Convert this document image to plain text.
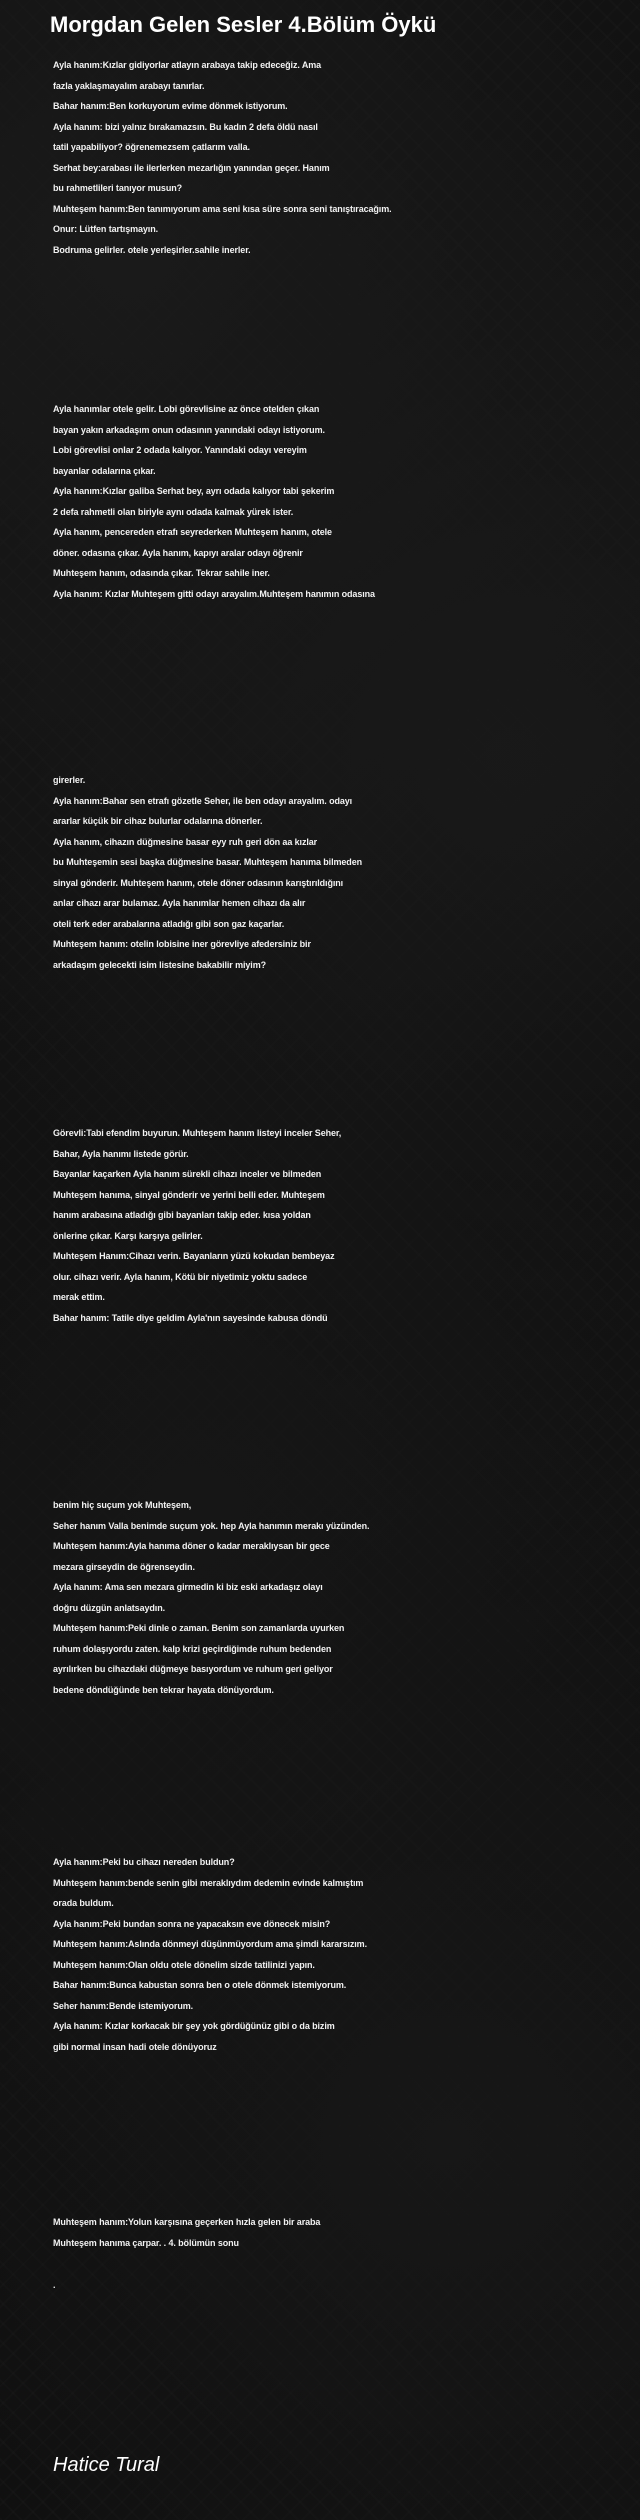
Morgdan Gelen Sesler 4.Bölüm Öykü
Ayla hanım:Kızlar gidiyorlar atlayın arabaya takip edeceğiz. Ama
fazla yaklaşmayalım arabayı tanırlar.
Bahar hanım:Ben korkuyorum evime dönmek istiyorum.
Ayla hanım: bizi yalnız bırakamazsın. Bu kadın 2 defa öldü nasıl
tatil yapabiliyor? öğrenemezsem çatlarım valla.
Serhat bey:arabası ile ilerlerken mezarlığın yanından geçer. Hanım
bu rahmetlileri tanıyor musun?
Muhteşem hanım:Ben tanımıyorum ama seni kısa süre sonra seni tanıştıracağım.
Onur: Lütfen tartışmayın.
Bodruma gelirler. otele yerleşirler.sahile inerler.
Ayla hanımlar otele gelir. Lobi görevlisine az önce otelden çıkan
bayan yakın arkadaşım onun odasının yanındaki odayı istiyorum.
Lobi görevlisi onlar 2 odada kalıyor. Yanındaki odayı vereyim
bayanlar odalarına çıkar.
Ayla hanım:Kızlar galiba Serhat bey, ayrı odada kalıyor tabi şekerim
2 defa rahmetli olan biriyle aynı odada kalmak yürek ister.
Ayla hanım, pencereden etrafı seyrederken Muhteşem hanım, otele
döner. odasına çıkar. Ayla hanım, kapıyı aralar odayı öğrenir
Muhteşem hanım, odasında çıkar. Tekrar sahile iner.
Ayla hanım: Kızlar Muhteşem gitti odayı arayalım.Muhteşem hanımın odasına
girerler.
Ayla hanım:Bahar sen etrafı gözetle Seher, ile ben odayı arayalım. odayı
ararlar küçük bir cihaz bulurlar odalarına dönerler.
Ayla hanım, cihazın düğmesine basar eyy ruh geri dön aa kızlar
bu Muhteşemin sesi başka düğmesine basar. Muhteşem hanıma bilmeden
sinyal gönderir. Muhteşem hanım, otele döner odasının karıştırıldığını
anlar cihazı arar bulamaz. Ayla hanımlar hemen cihazı da alır
oteli terk eder arabalarına atladığı gibi son gaz kaçarlar.
Muhteşem hanım: otelin lobisine iner görevliye afedersiniz bir
arkadaşım gelecekti isim listesine bakabilir miyim?
Görevli:Tabi efendim buyurun. Muhteşem hanım listeyi inceler Seher,
Bahar, Ayla hanımı listede görür.
Bayanlar kaçarken Ayla hanım sürekli cihazı inceler ve bilmeden
Muhteşem hanıma, sinyal gönderir ve yerini belli eder. Muhteşem
hanım arabasına atladığı gibi bayanları takip eder. kısa yoldan
önlerine çıkar. Karşı karşıya gelirler.
Muhteşem Hanım:Cihazı verin. Bayanların yüzü kokudan bembeyaz
olur. cihazı verir. Ayla hanım, Kötü bir niyetimiz yoktu sadece
merak ettim.
Bahar hanım: Tatile diye geldim Ayla'nın sayesinde kabusa döndü
benim hiç suçum yok Muhteşem,
Seher hanım Valla benimde suçum yok. hep Ayla hanımın merakı yüzünden.
Muhteşem hanım:Ayla hanıma döner o kadar meraklıysan bir gece
mezara girseydin de öğrenseydin.
Ayla hanım: Ama sen mezara girmedin ki biz eski arkadaşız olayı
doğru düzgün anlatsaydın.
Muhteşem hanım:Peki dinle o zaman. Benim son zamanlarda uyurken
ruhum dolaşıyordu zaten. kalp krizi geçirdiğimde ruhum bedenden
ayrılırken bu cihazdaki düğmeye basıyordum ve ruhum geri geliyor
bedene döndüğünde ben tekrar hayata dönüyordum.
Ayla hanım:Peki bu cihazı nereden buldun?
Muhteşem hanım:bende senin gibi meraklıydım dedemin evinde kalmıştım
orada buldum.
Ayla hanım:Peki bundan sonra ne yapacaksın eve dönecek misin?
Muhteşem hanım:Aslında dönmeyi düşünmüyordum ama şimdi kararsızım.
Muhteşem hanım:Olan oldu otele dönelim sizde tatilinizi yapın.
Bahar hanım:Bunca kabustan sonra ben o otele dönmek istemiyorum.
Seher hanım:Bende istemiyorum.
Ayla hanım: Kızlar korkacak bir şey yok gördüğünüz gibi o da bizim
gibi normal insan hadi otele dönüyoruz
Muhteşem hanım:Yolun karşısına geçerken hızla gelen bir araba
Muhteşem hanıma çarpar. . 4. bölümün sonu
.
Hatice Tural
